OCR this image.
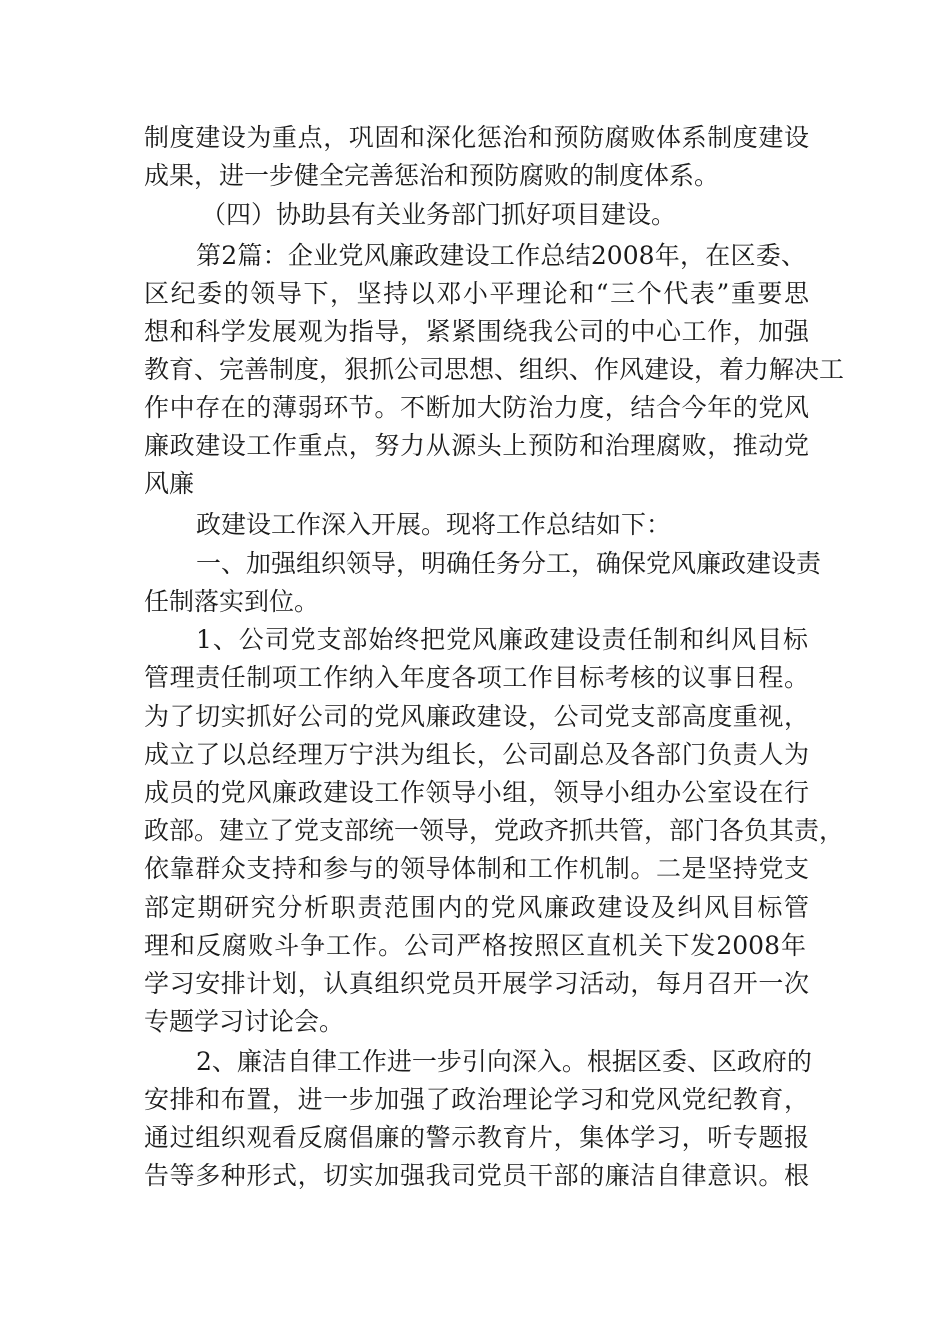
制度建设为重点，巩固和深化惩治和预防腐败体系制度建设
成果，进一步健全完善惩治和预防腐败的制度体系。
（四）协助县有关业务部门抓好项目建设。
第2篇：企业党风廉政建设工作总结2008年，在区委、
区纪委的领导下，坚持以邓小平理论和“三个代表”重要思
想和科学发展观为指导，紧紧围绕我公司的中心工作，加强
教育、完善制度，狠抓公司思想、组织、作风建设，着力解决工
作中存在的薄弱环节。不断加大防治力度，结合今年的党风
廉政建设工作重点，努力从源头上预防和治理腐败，推动党
风廉
政建设工作深入开展。现将工作总结如下：
一、加强组织领导，明确任务分工，确保党风廉政建设责
任制落实到位。
1、公司党支部始终把党风廉政建设责任制和纠风目标
管理责任制项工作纳入年度各项工作目标考核的议事日程。
为了切实抓好公司的党风廉政建设，公司党支部高度重视，
成立了以总经理万宁洪为组长，公司副总及各部门负责人为
成员的党风廉政建设工作领导小组，领导小组办公室设在行
政部。建立了党支部统一领导，党政齐抓共管，部门各负其责，
依靠群众支持和参与的领导体制和工作机制。二是坚持党支
部定期研究分析职责范围内的党风廉政建设及纠风目标管
理和反腐败斗争工作。公司严格按照区直机关下发2008年
学习安排计划，认真组织党员开展学习活动，每月召开一次
专题学习讨论会。
2、廉洁自律工作进一步引向深入。根据区委、区政府的
安排和布置，进一步加强了政治理论学习和党风党纪教育，
通过组织观看反腐倡廉的警示教育片，集体学习，听专题报
告等多种形式，切实加强我司党员干部的廉洁自律意识。根
